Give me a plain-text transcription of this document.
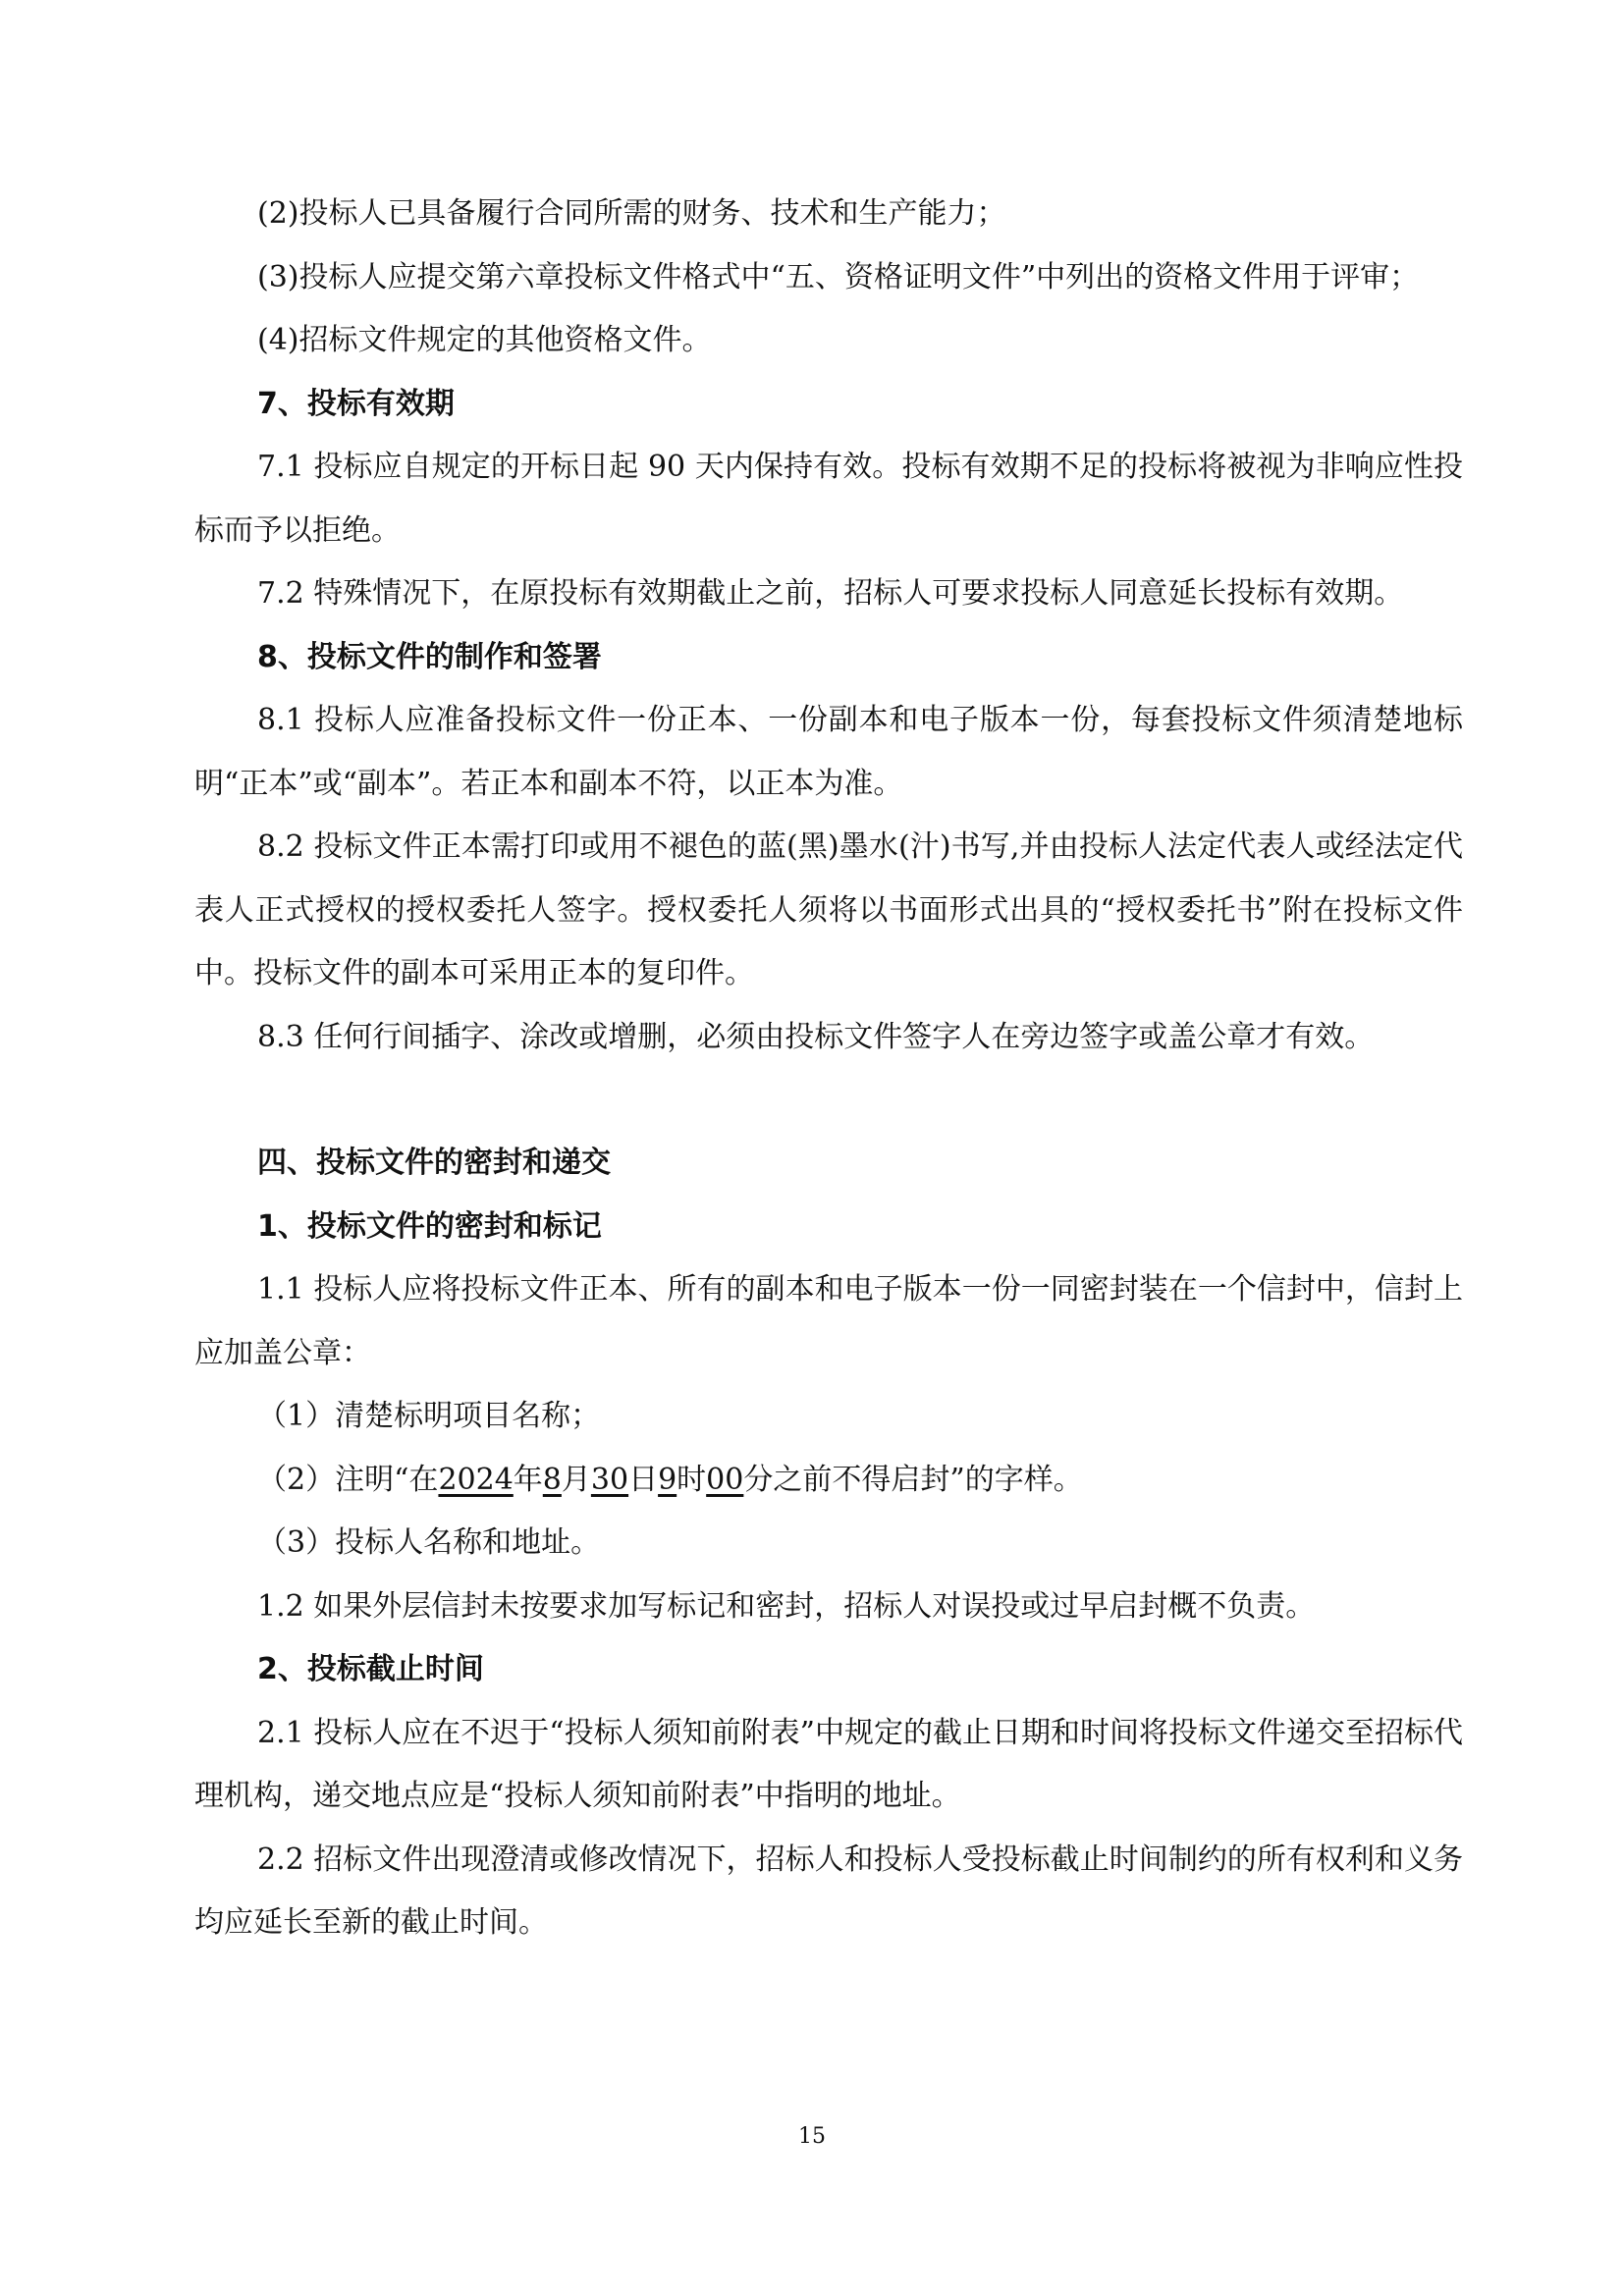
(2)投标人已具备履行合同所需的财务、技术和生产能力；

(3)投标人应提交第六章投标文件格式中“五、资格证明文件”中列出的资格文件用于评审；

(4)招标文件规定的其他资格文件。

7、投标有效期

7.1 投标应自规定的开标日起 90 天内保持有效。投标有效期不足的投标将被视为非响应性投标而予以拒绝。

7.2 特殊情况下，在原投标有效期截止之前，招标人可要求投标人同意延长投标有效期。

8、投标文件的制作和签署

8.1 投标人应准备投标文件一份正本、一份副本和电子版本一份，每套投标文件须清楚地标明“正本”或“副本”。若正本和副本不符，以正本为准。

8.2 投标文件正本需打印或用不褪色的蓝(黑)墨水(汁)书写,并由投标人法定代表人或经法定代表人正式授权的授权委托人签字。授权委托人须将以书面形式出具的“授权委托书”附在投标文件中。投标文件的副本可采用正本的复印件。

8.3 任何行间插字、涂改或增删，必须由投标文件签字人在旁边签字或盖公章才有效。

四、投标文件的密封和递交

1、投标文件的密封和标记

1.1 投标人应将投标文件正本、所有的副本和电子版本一份一同密封装在一个信封中，信封上应加盖公章：

（1）清楚标明项目名称；

（2）注明“在2024年8月30日9时00分之前不得启封”的字样。

（3）投标人名称和地址。

1.2 如果外层信封未按要求加写标记和密封，招标人对误投或过早启封概不负责。

2、投标截止时间

2.1 投标人应在不迟于“投标人须知前附表”中规定的截止日期和时间将投标文件递交至招标代理机构，递交地点应是“投标人须知前附表”中指明的地址。

2.2 招标文件出现澄清或修改情况下，招标人和投标人受投标截止时间制约的所有权利和义务均应延长至新的截止时间。

15
